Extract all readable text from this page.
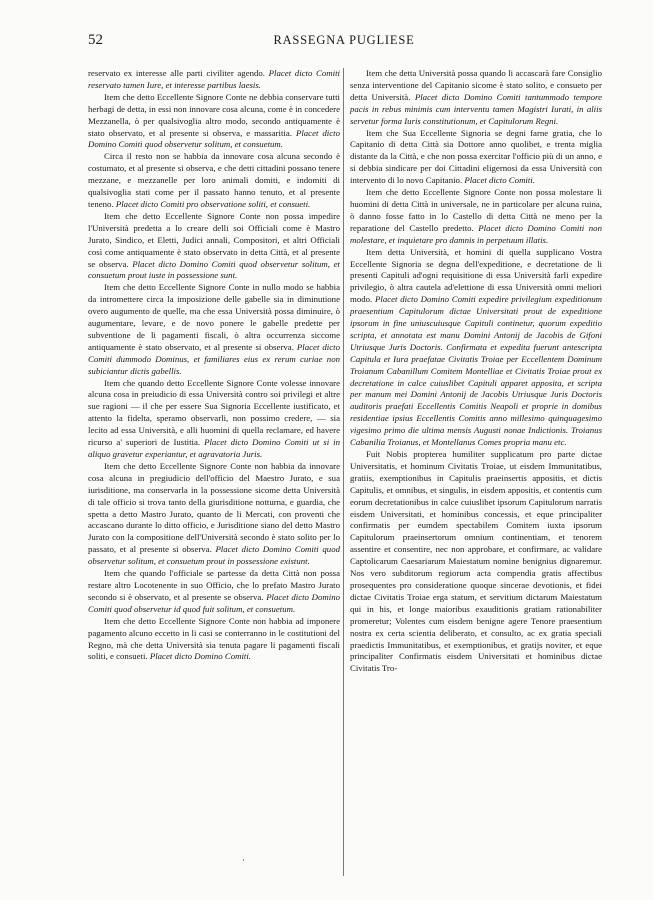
52	RASSEGNA PUGLIESE

reservato ex interesse alle parti civiliter agendo. Placet dicto Comiti reservato tamen Iure, et interesse partibus laesis.

Item che detto Eccellente Signore Conte ne debbia conservare tutti herbagi de detta, in essi non innovare cosa alcuna, come è in concedere Mezzanella, ò per qualsivoglia altro modo, secondo antiquamente è stato observato, et al presente si observa, e massaritia. Placet dicto Domino Comiti quod observetur solitum, et consuetum.

Circa il resto non se habbia da innovare cosa alcuna secondo è costumato, et al presente si observa, e che detti cittadini possano tenere mezzane, e mezzanelle per loro animali domiti, e indomiti di qualsivoglia stati come per il passato hanno tenuto, et al presente teneno. Placet dicto Comiti pro observatione soliti, et consueti.

Item che detto Eccellente Signore Conte non possa impedire l'Università predetta a lo creare delli soi Officiali come è Mastro Jurato, Sindico, et Eletti, Judici annali, Compositori, et altri Officiali così come antiquamente è stato observato in detta Città, et al presente se observa. Placet dicto Domino Comiti quod observetur solitum, et consuetum prout iuste in possessione sunt.

Item che detto Eccellente Signore Conte in nullo modo se habbia da intromettere circa la imposizione delle gabelle sia in diminutione overo augumento de quelle, ma che essa Università possa diminuire, ò augumentare, levare, e de novo ponere le gabelle predette per subventione de li pagamenti fiscali, ò altra occurrenza siccome antiquamente è stato observato, et al presente si observa. Placet dicto Comiti dummodo Dominus, et familiares eius ex rerum curiae non subiciantur dictis gabellis.

Item che quando detto Eccellente Signore Conte volesse innovare alcuna cosa in preiudicio di essa Università contro soi privilegi et altre sue ragioni — il che per essere Sua Signoria Eccellente iustificato, et attento la fidelta, speramo observarli, non possimo credere, — sia lecito ad essa Università, e alli huomini di quella reclamare, ed havere ricurso a' superiori de Iustitia. Placet dicto Domino Comiti ut si in aliquo gravetur experiantur, et agravatoria Juris.

Item che detto Eccellente Signore Conte non habbia da innovare cosa alcuna in pregiudicio dell'officio del Maestro Jurato, e sua iurisditione, ma conservarla in la possessione sicome detta Università di tale officio si trova tanto della giurisditione notturna, e guardia, che spetta a detto Mastro Jurato, quanto de li Mercati, con proventi che accascano durante lo ditto officio, e Jurisditione siano del detto Mastro Jurato con la compositione dell'Università secondo è stato solito per lo passato, et al presente si observa. Placet dicto Domino Comiti quod observetur solitum, et consuetum prout in possessione existunt.

Item che quando l'officiale se partesse da detta Città non possa restare altro Locotenente in suo Officio, che lo prefato Mastro Jurato secondo si è observato, et al presente se observa. Placet dicto Domino Comiti quod observetur id quod fuit solitum, et consuetum.

Item che detto Eccellente Signore Conte non habbia ad imponere pagamento alcuno eccetto in li casi se conterranno in le costitutioni del Regno, mà che detta Università sia tenuta pagare li pagamenti fiscali soliti, e consueti. Placet dicto Domino Comiti.

Item che detta Università possa quando li accascarà fare Consiglio senza interventione del Capitanio sicome è stato solito, e consueto per detta Università. Placet dicto Domino Comiti tantummodo tempore pacis in rebus minimis cum interventu tamen Magistri Iurati, in aliis servetur forma Iuris constitutionum, et Capitulorum Regni.

Item che Sua Eccellente Signoria se degni farne gratia, che lo Capitanio di detta Città sia Dottore anno quolibet, e trenta miglia distante da la Città, e che non possa exercitar l'officio più di un anno, e si debbia sindicare per doi Cittadini eligernosi da essa Università con intervento di lo novo Capitanio. Placet dicto Comiti.

Item che detto Eccellente Signore Conte non possa molestare li huomini di detta Città in universale, ne in particolare per alcuna ruina, ò danno fosse fatto in lo Castello di detta Città ne meno per la reparatione del Castello predetto. Placet dicto Domino Comiti non molestare, et inquietare pro damnis in perpetuum illatis.

Item detta Università, et homini di quella supplicano Vostra Eccellente Signoria se degna dell'expeditione, e decretatione de li presenti Capituli ad'ogni requisitione di essa Università farli expedire privilegio, ò altra cautela ad'elettione di essa Università omni meliori modo. Placet dicto Domino Comiti expedire privilegium expeditionum praesentium Capitulorum dictae Universitati prout de expeditione ipsorum in fine uniuscuiusque Capituli continetur, quorum expeditio scripta, et annotata est manu Domini Antonij de Jacobis de Gifoni Utriusque Juris Doctoris. Confirmata et expedita fuerunt antescripta Capitula et Iura praefatae Civitatis Troiae per Eccellentem Dominum Troianum Cabanillum Comitem Montelliae et Civitatis Troiae prout ex decretatione in calce cuiuslibet Capituli apparet apposita, et scripta per manum mei Domini Antonij de Jacobis Utriusque Juris Doctoris auditoris praefati Eccellentis Comitis Neapoli et proprie in domibus residentiae ipsius Eccellentis Comitis anno millesimo quinquagesimo vigesimo primo die ultima mensis Augusti nonae Indictionis. Troianus Cabanilia Troianus, et Montellanus Comes propria manu etc.

Fuit Nobis propterea humiliter supplicatum pro parte dictae Universitatis, et hominum Civitatis Troiae, ut eisdem Immunitatibus, gratiis, exemptionibus in Capitulis praeinsertis appositis, et dictis Capitulis, et omnibus, et singulis, in eisdem appositis, et contentis cum eorum decretationibus in calce cuiuslibet ipsorum Capitulorum narratis eisdem Universitati, et hominibus concessis, et eque principaliter confirmatis per eumdem spectabilem Comitem iuxta ipsorum Capitulorum praeinsertorum omnium continentiam, et tenorem assentire et consentire, nec non approbare, et confirmare, ac validare Captolicarum Caesariarum Maiestatum nomine benignius dignaremur. Nos vero subditorum regiorum acta compendia gratis affectibus prosequentes pro consideratione quoque sincerae devotionis, et fidei dictae Civitatis Troiae erga statum, et servitium dictarum Maiestatum qui in his, et longe maioribus exauditionis gratiam rationabiliter promeretur; Volentes cum eisdem benigne agere Tenore praesentium nostra ex certa scientia deliberato, et consulto, ac ex gratia speciali praedictis Immunitatibus, et exemptionibus, et gratijs noviter, et eque principaliter Confirmatis eisdem Universitati et hominibus dictae Civitatis Tro-

·
